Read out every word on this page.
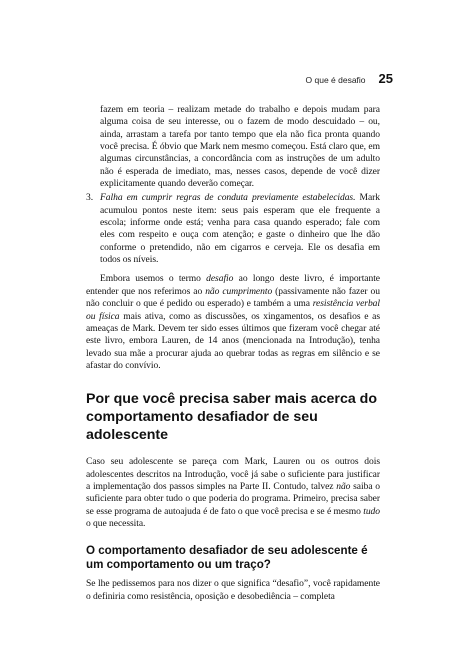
O que é desafio 25

fazem em teoria – realizam metade do trabalho e depois mudam para alguma coisa de seu interesse, ou o fazem de modo descuidado – ou, ainda, arrastam a tarefa por tanto tempo que ela não fica pronta quando você precisa. É óbvio que Mark nem mesmo começou. Está claro que, em algumas circunstâncias, a concordância com as instruções de um adulto não é esperada de imediato, mas, nesses casos, depende de você dizer explicitamente quando deverão começar.

3. Falha em cumprir regras de conduta previamente estabelecidas. Mark acumulou pontos neste item: seus pais esperam que ele frequente a escola; informe onde está; venha para casa quando esperado; fale com eles com respeito e ouça com atenção; e gaste o dinheiro que lhe dão conforme o pretendido, não em cigarros e cerveja. Ele os desafia em todos os níveis.

Embora usemos o termo desafio ao longo deste livro, é importante entender que nos referimos ao não cumprimento (passivamente não fazer ou não concluir o que é pedido ou esperado) e também a uma resistência verbal ou física mais ativa, como as discussões, os xingamentos, os desafios e as ameaças de Mark. Devem ter sido esses últimos que fizeram você chegar até este livro, embora Lauren, de 14 anos (mencionada na Introdução), tenha levado sua mãe a procurar ajuda ao quebrar todas as regras em silêncio e se afastar do convívio.

Por que você precisa saber mais acerca do comportamento desafiador de seu adolescente

Caso seu adolescente se pareça com Mark, Lauren ou os outros dois adolescentes descritos na Introdução, você já sabe o suficiente para justificar a implementação dos passos simples na Parte II. Contudo, talvez não saiba o suficiente para obter tudo o que poderia do programa. Primeiro, precisa saber se esse programa de autoajuda é de fato o que você precisa e se é mesmo tudo o que necessita.

O comportamento desafiador de seu adolescente é um comportamento ou um traço?

Se lhe pedissemos para nos dizer o que significa “desafio”, você rapidamente o definiria como resistência, oposição e desobediência – completa
